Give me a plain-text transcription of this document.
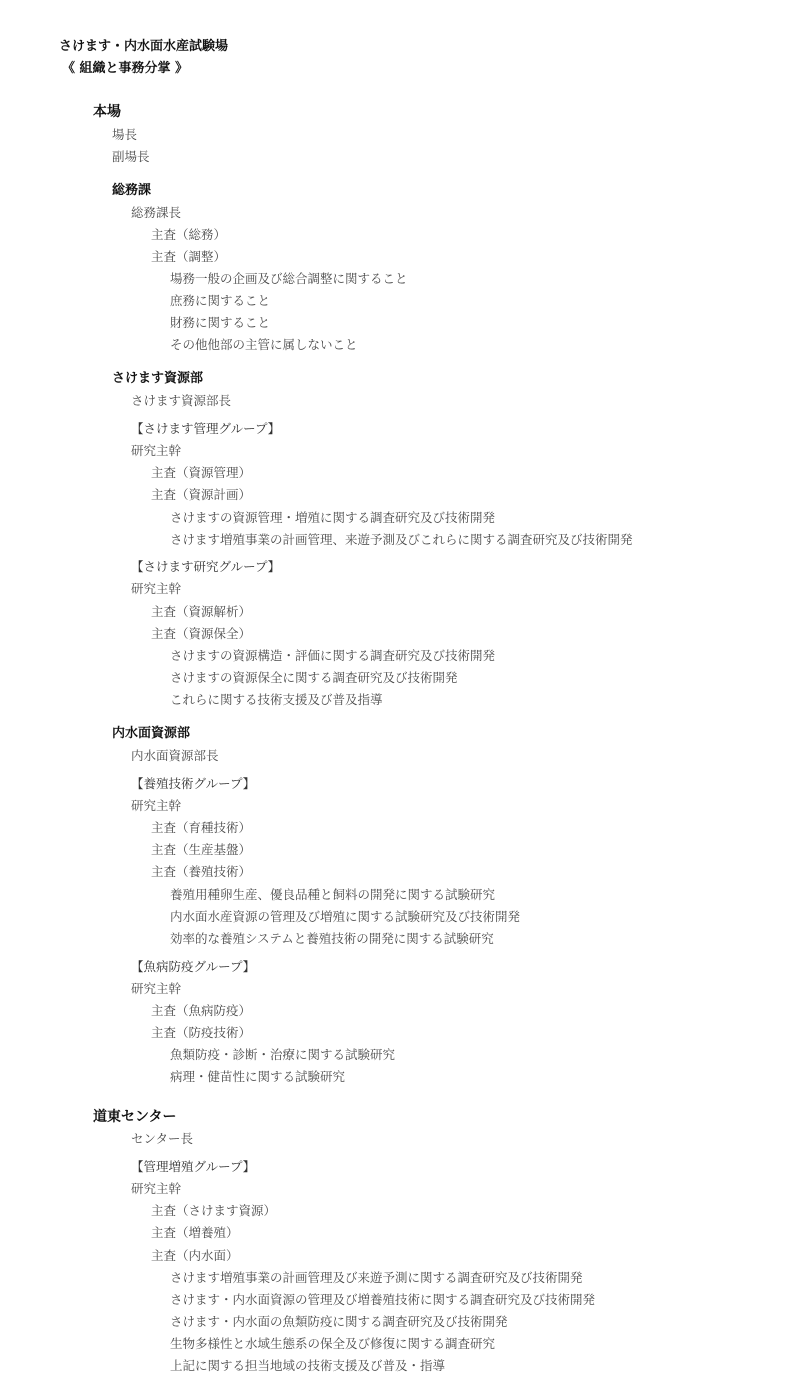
さけます・内水面水産試験場
《 組織と事務分掌 》
本場
場長
副場長
総務課
総務課長
主査（総務）
主査（調整）
場務一般の企画及び総合調整に関すること
庶務に関すること
財務に関すること
その他他部の主管に属しないこと
さけます資源部
さけます資源部長
【さけます管理グループ】
研究主幹
主査（資源管理）
主査（資源計画）
さけますの資源管理・増殖に関する調査研究及び技術開発
さけます増殖事業の計画管理、来遊予測及びこれらに関する調査研究及び技術開発
【さけます研究グループ】
研究主幹
主査（資源解析）
主査（資源保全）
さけますの資源構造・評価に関する調査研究及び技術開発
さけますの資源保全に関する調査研究及び技術開発
これらに関する技術支援及び普及指導
内水面資源部
内水面資源部長
【養殖技術グループ】
研究主幹
主査（育種技術）
主査（生産基盤）
主査（養殖技術）
養殖用種卵生産、優良品種と飼料の開発に関する試験研究
内水面水産資源の管理及び増殖に関する試験研究及び技術開発
効率的な養殖システムと養殖技術の開発に関する試験研究
【魚病防疫グループ】
研究主幹
主査（魚病防疫）
主査（防疫技術）
魚類防疫・診断・治療に関する試験研究
病理・健苗性に関する試験研究
道東センター
センター長
【管理増殖グループ】
研究主幹
主査（さけます資源）
主査（増養殖）
主査（内水面）
さけます増殖事業の計画管理及び来遊予測に関する調査研究及び技術開発
さけます・内水面資源の管理及び増養殖技術に関する調査研究及び技術開発
さけます・内水面の魚類防疫に関する調査研究及び技術開発
生物多様性と水域生態系の保全及び修復に関する調査研究
上記に関する担当地域の技術支援及び普及・指導
